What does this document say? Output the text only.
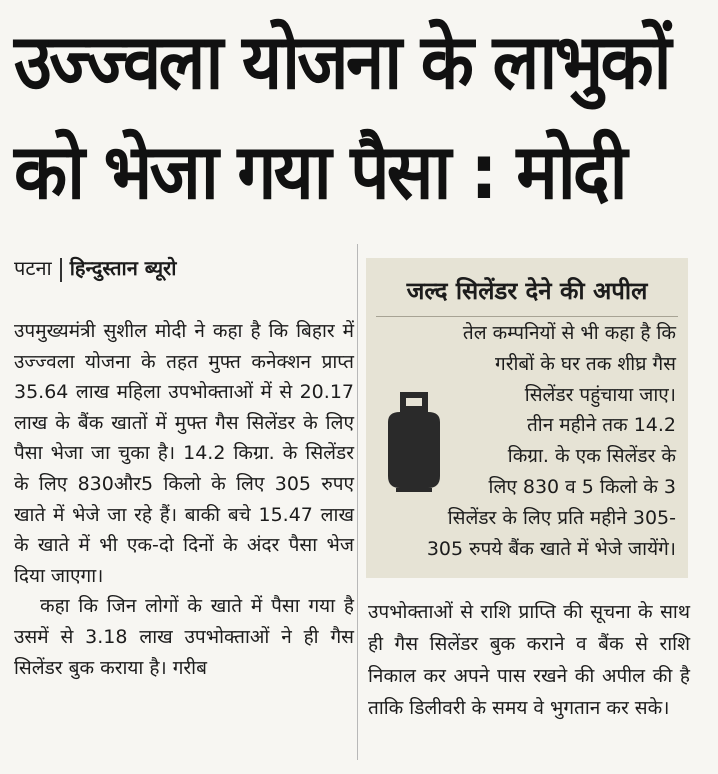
उज्ज्वला योजना के लाभुकों
को भेजा गया पैसा : मोदी
पटना हिन्दुस्तान ब्यूरो

उपमुख्यमंत्री सुशील मोदी ने कहा है कि बिहार में उज्ज्वला योजना के तहत मुफ्त कनेक्शन प्राप्त 35.64 लाख महिला उपभोक्ताओं में से 20.17 लाख के बैंक खातों में मुफ्त गैस सिलेंडर के लिए पैसा भेजा जा चुका है। 14.2 किग्रा. के सिलेंडर के लिए 830और5 किलो के लिए 305 रुपए खाते में भेजे जा रहे हैं। बाकी बचे 15.47 लाख के खाते में भी एक-दो दिनों के अंदर पैसा भेज दिया जाएगा।

कहा कि जिन लोगों के खाते में पैसा गया है उसमें से 3.18 लाख उपभोक्ताओं ने ही गैस सिलेंडर बुक कराया है। गरीब

जल्द सिलेंडर देने की अपील

तेल कम्पनियों से भी कहा है कि

गरीबों के घर तक शीघ्र गैस

सिलेंडर पहुंचाया जाए।

तीन महीने तक 14.2

किग्रा. के एक सिलेंडर के

लिए 830 व 5 किलो के 3

सिलेंडर के लिए प्रति महीने 305-

305 रुपये बैंक खाते में भेजे जायेंगे।

उपभोक्ताओं से राशि प्राप्ति की सूचना के साथ ही गैस सिलेंडर बुक कराने व बैंक से राशि निकाल कर अपने पास रखने की अपील की है ताकि डिलीवरी के समय वे भुगतान कर सके।
